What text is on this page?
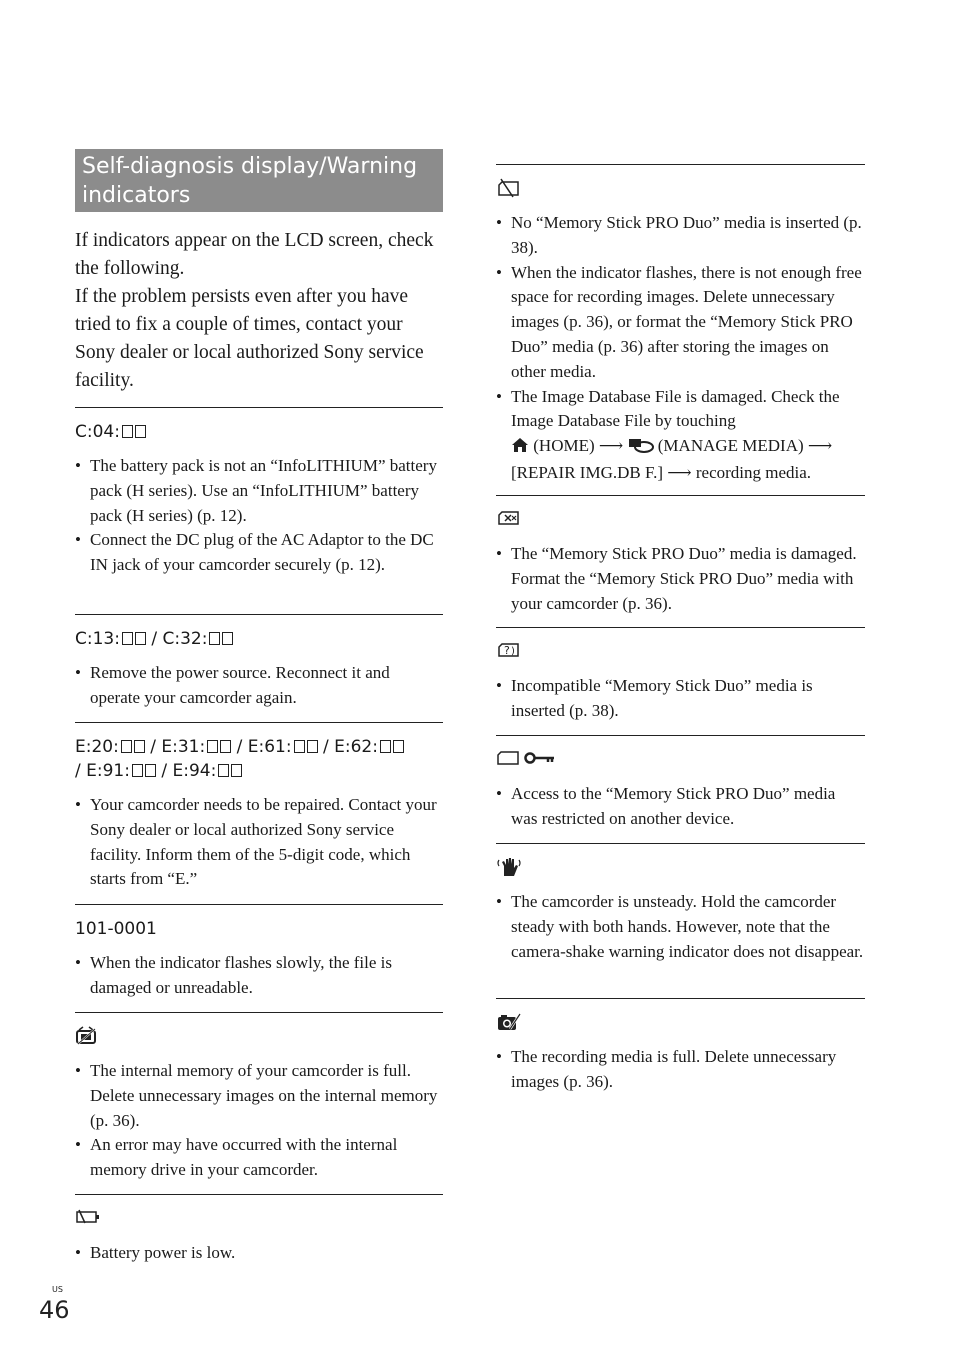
Self-diagnosis display/Warning indicators

If indicators appear on the LCD screen, check the following.

If the problem persists even after you have tried to fix a couple of times, contact your Sony dealer or local authorized Sony service facility.

C:04:
• The battery pack is not an “InfoLITHIUM” battery pack (H series). Use an “InfoLITHIUM” battery pack (H series) (p. 12).
• Connect the DC plug of the AC Adaptor to the DC IN jack of your camcorder securely (p. 12).
C:13: / C:32:
• Remove the power source. Reconnect it and operate your camcorder again.
E:20: / E:31: / E:61: / E:62:
/ E:91: / E:94:
• Your camcorder needs to be repaired. Contact your Sony dealer or local authorized Sony service facility. Inform them of the 5-digit code, which starts from “E.”
101-0001
• When the indicator flashes slowly, the file is damaged or unreadable.
• The internal memory of your camcorder is full. Delete unnecessary images on the internal memory (p. 36).
• An error may have occurred with the internal memory drive in your camcorder.
• Battery power is low.
• No “Memory Stick PRO Duo” media is inserted (p. 38).
• When the indicator flashes, there is not enough free space for recording images. Delete unnecessary images (p. 36), or format the “Memory Stick PRO Duo” media (p. 36) after storing the images on other media.
• The Image Database File is damaged. Check the Image Database File by touching
(HOME) ⟶ (MANAGE MEDIA) ⟶
[REPAIR IMG.DB F.] ⟶ recording media.
• The “Memory Stick PRO Duo” media is damaged. Format the “Memory Stick PRO Duo” media with your camcorder (p. 36).
? )
• Incompatible “Memory Stick Duo” media is inserted (p. 38).
• Access to the “Memory Stick PRO Duo” media was restricted on another device.
• The camcorder is unsteady. Hold the camcorder steady with both hands. However, note that the camera-shake warning indicator does not disappear.
• The recording media is full. Delete unnecessary images (p. 36).
US
46
